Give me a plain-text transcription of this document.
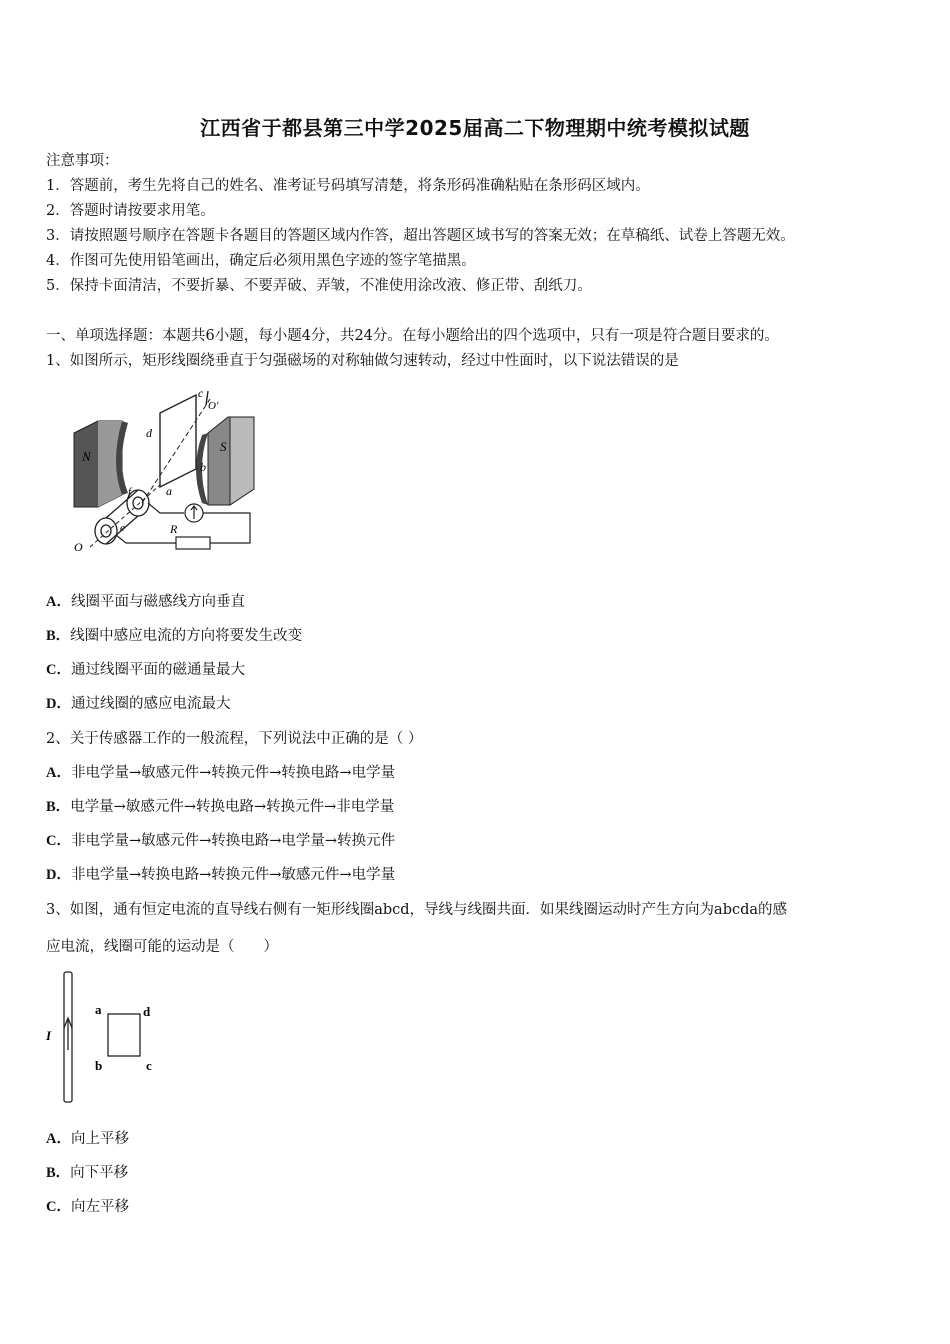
江西省于都县第三中学2025届高二下物理期中统考模拟试题
注意事项：
1．答题前，考生先将自己的姓名、准考证号码填写清楚，将条形码准确粘贴在条形码区域内。
2．答题时请按要求用笔。
3．请按照题号顺序在答题卡各题目的答题区域内作答，超出答题区域书写的答案无效；在草稿纸、试卷上答题无效。
4．作图可先使用铅笔画出，确定后必须用黑色字迹的签字笔描黑。
5．保持卡面清洁，不要折暴、不要弄破、弄皱，不准使用涂改液、修正带、刮纸刀。
一、单项选择题：本题共6小题，每小题4分，共24分。在每小题给出的四个选项中，只有一项是符合题目要求的。
1、如图所示，矩形线圈绕垂直于匀强磁场的对称轴做匀速转动，经过中性面时，以下说法错误的是
N
S
c
O′
d
b
a
f
e
O
R
A．线圈平面与磁感线方向垂直
B．线圈中感应电流的方向将要发生改变
C．通过线圈平面的磁通量最大
D．通过线圈的感应电流最大
2、关于传感器工作的一般流程，下列说法中正确的是（ ）
A．非电学量→敏感元件→转换元件→转换电路→电学量
B．电学量→敏感元件→转换电路→转换元件→非电学量
C．非电学量→敏感元件→转换电路→电学量→转换元件
D．非电学量→转换电路→转换元件→敏感元件→电学量
3、如图，通有恒定电流的直导线右侧有一矩形线圈abcd，导线与线圈共面．如果线圈运动时产生方向为abcda的感
应电流，线圈可能的运动是（　　）
I
a
b	c
d
A．向上平移
B．向下平移
C．向左平移
